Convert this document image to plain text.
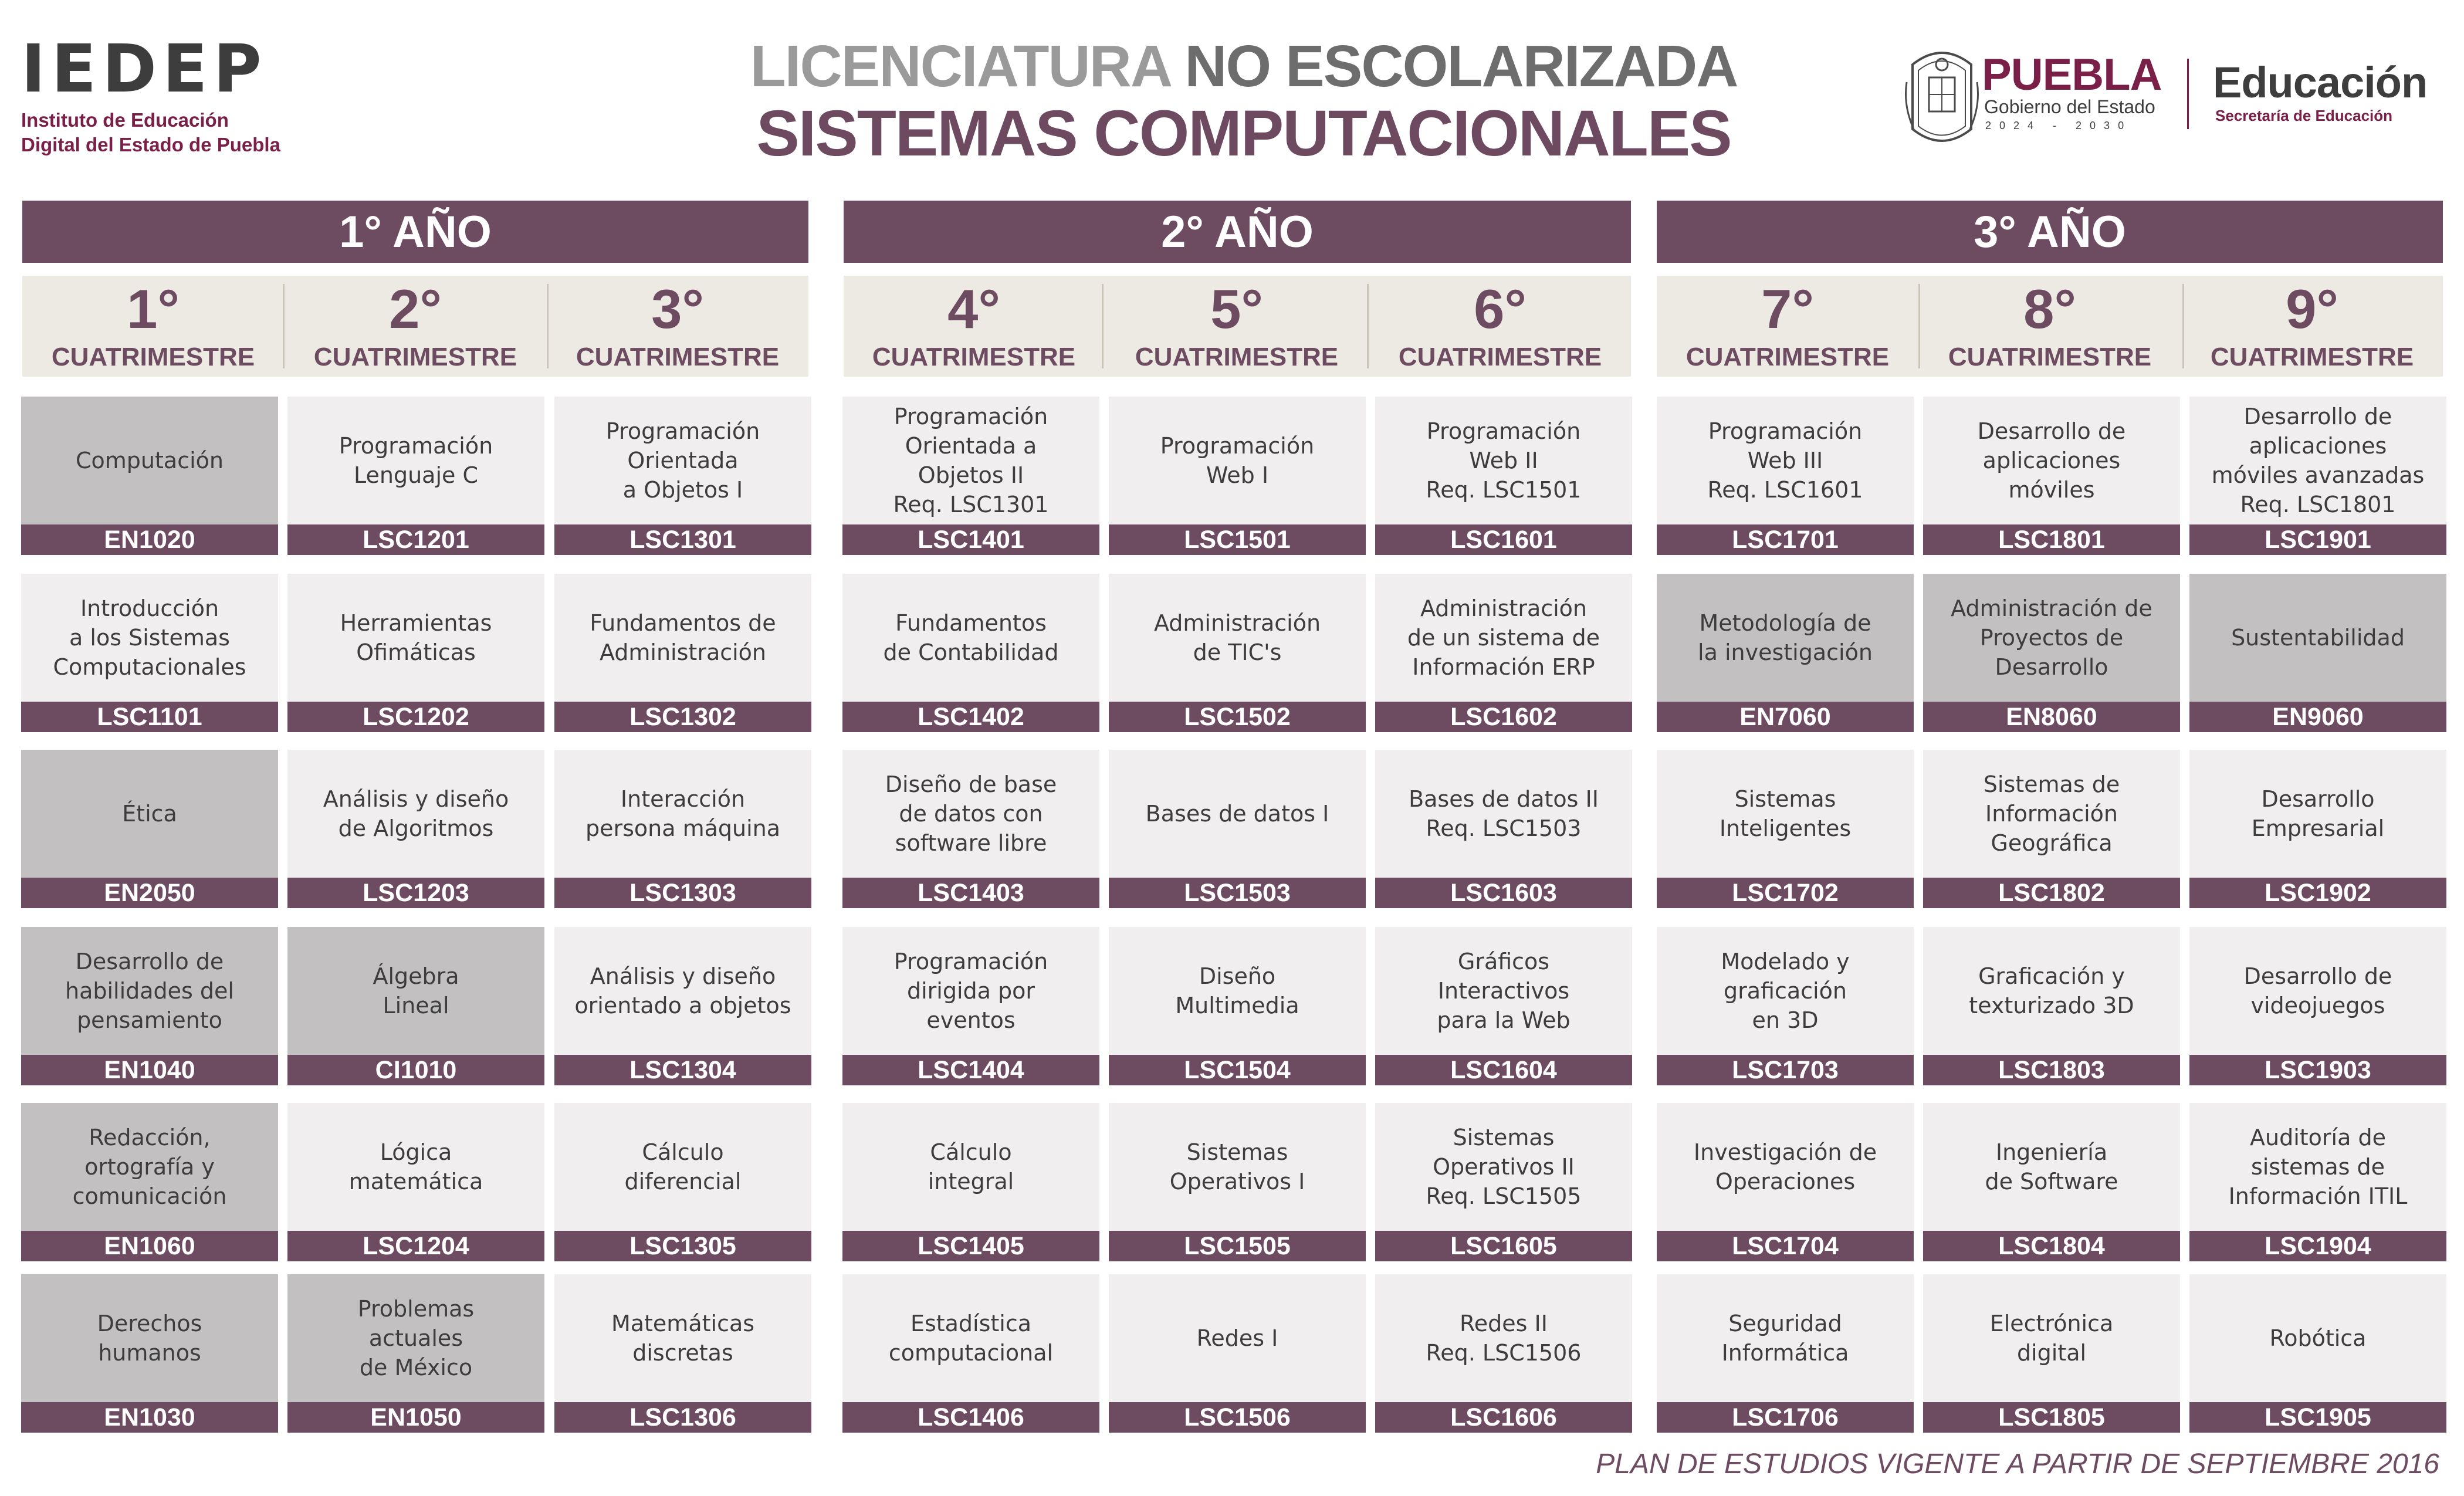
IEDEP
Instituto de Educación
Digital del Estado de Puebla
LICENCIATURA NO ESCOLARIZADA
SISTEMAS COMPUTACIONALES
PUEBLA
Gobierno del Estado
2024 - 2030
Educación
Secretaría de Educación
1° AÑO	2° AÑO	3° AÑO
1°
CUATRIMESTRE
2°
CUATRIMESTRE
3°
CUATRIMESTRE
4°
CUATRIMESTRE
5°
CUATRIMESTRE
6°
CUATRIMESTRE
7°
CUATRIMESTRE
8°
CUATRIMESTRE
9°
CUATRIMESTRE
Computación
EN1020
Introducción
a los Sistemas
Computacionales
LSC1101
Ética
EN2050
Desarrollo de
habilidades del
pensamiento
EN1040
Redacción,
ortografía y
comunicación
EN1060
Derechos
humanos
EN1030
Programación
Lenguaje C
LSC1201
Herramientas
Ofimáticas
LSC1202
Análisis y diseño
de Algoritmos
LSC1203
Álgebra
Lineal
CI1010
Lógica
matemática
LSC1204
Problemas
actuales
de México
EN1050
Programación
Orientada
a Objetos I
LSC1301
Fundamentos de
Administración
LSC1302
Interacción
persona máquina
LSC1303
Análisis y diseño
orientado a objetos
LSC1304
Cálculo
diferencial
LSC1305
Matemáticas
discretas
LSC1306
Programación
Orientada a
Objetos II
Req. LSC1301
LSC1401
Fundamentos
de Contabilidad
LSC1402
Diseño de base
de datos con
software libre
LSC1403
Programación
dirigida por
eventos
LSC1404
Cálculo
integral
LSC1405
Estadística
computacional
LSC1406
Programación
Web I
LSC1501
Administración
de TIC's
LSC1502
Bases de datos I
LSC1503
Diseño
Multimedia
LSC1504
Sistemas
Operativos I
LSC1505
Redes I
LSC1506
Programación
Web II
Req. LSC1501
LSC1601
Administración
de un sistema de
Información ERP
LSC1602
Bases de datos II
Req. LSC1503
LSC1603
Gráficos
Interactivos
para la Web
LSC1604
Sistemas
Operativos II
Req. LSC1505
LSC1605
Redes II
Req. LSC1506
LSC1606
Programación
Web III
Req. LSC1601
LSC1701
Metodología de
la investigación
EN7060
Sistemas
Inteligentes
LSC1702
Modelado y
graficación
en 3D
LSC1703
Investigación de
Operaciones
LSC1704
Seguridad
Informática
LSC1706
Desarrollo de
aplicaciones
móviles
LSC1801
Administración de
Proyectos de
Desarrollo
EN8060
Sistemas de
Información
Geográfica
LSC1802
Graficación y
texturizado 3D
LSC1803
Ingeniería
de Software
LSC1804
Electrónica
digital
LSC1805
Desarrollo de
aplicaciones
móviles avanzadas
Req. LSC1801
LSC1901
Sustentabilidad
EN9060
Desarrollo
Empresarial
LSC1902
Desarrollo de
videojuegos
LSC1903
Auditoría de
sistemas de
Información ITIL
LSC1904
Robótica
LSC1905
PLAN DE ESTUDIOS VIGENTE A PARTIR DE SEPTIEMBRE 2016
